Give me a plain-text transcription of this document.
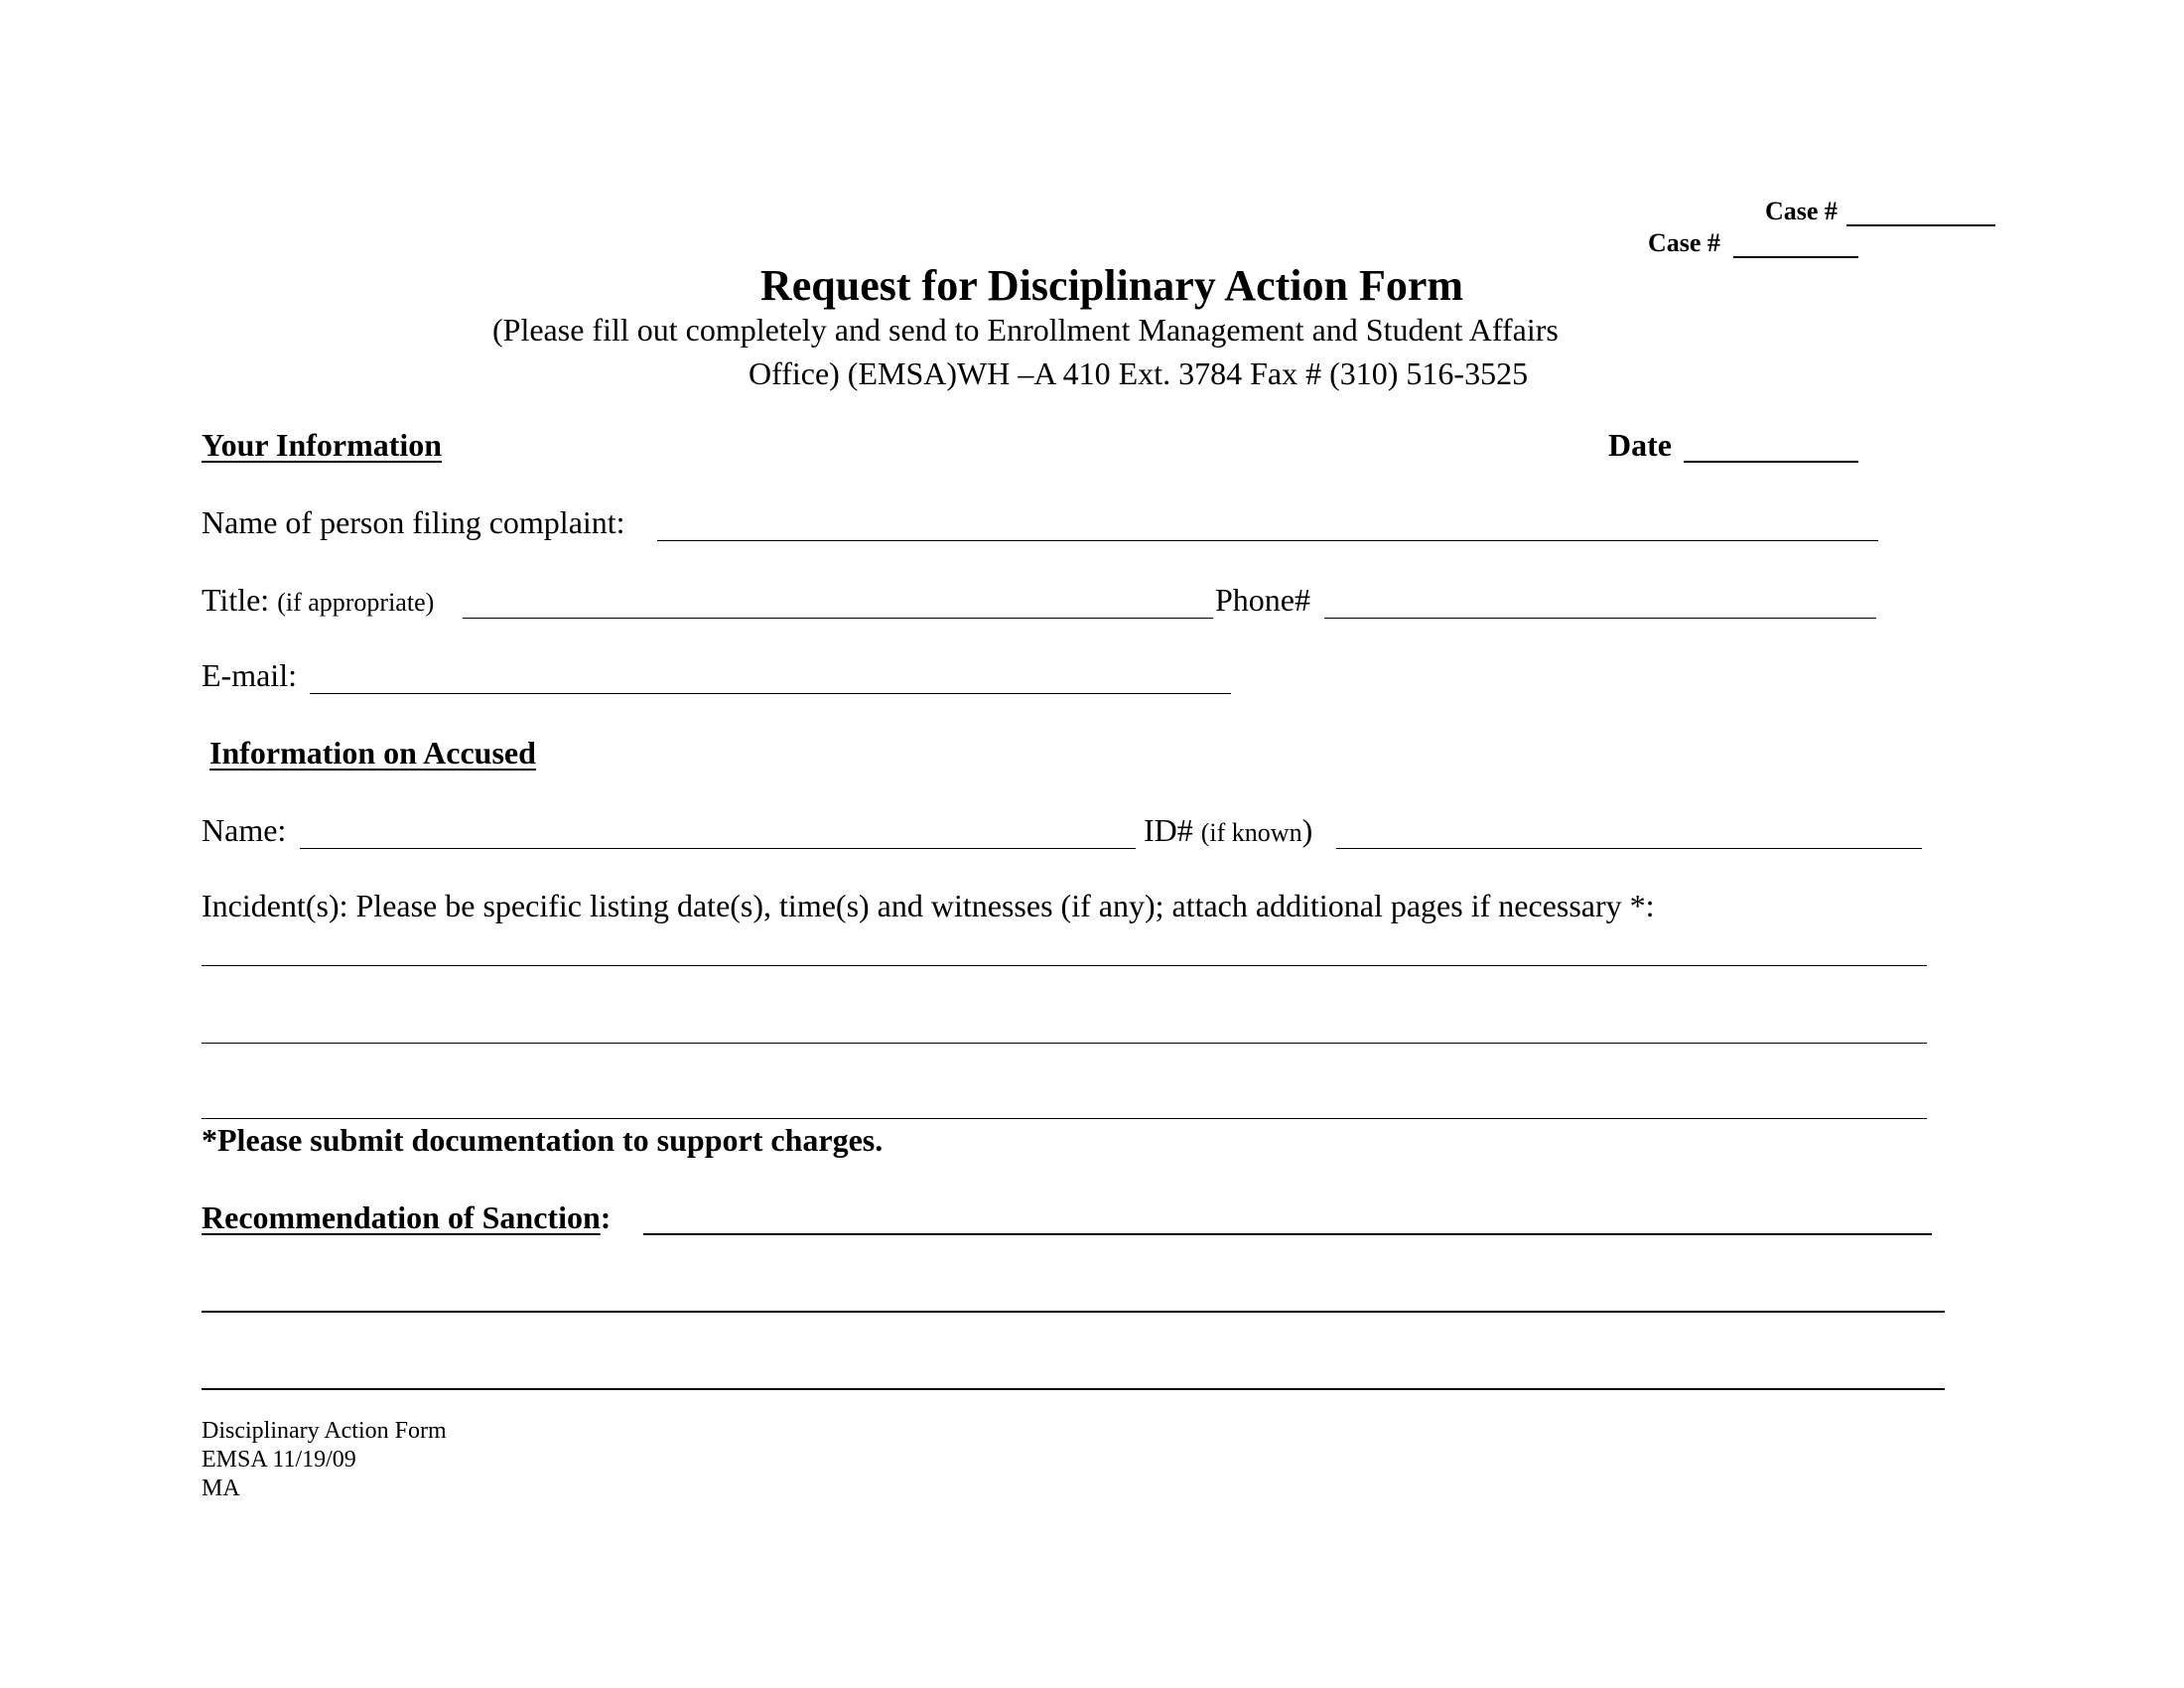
Case #
Case #
Request for Disciplinary Action Form
(Please fill out completely and send to Enrollment Management and Student Affairs
Office) (EMSA)WH –A 410 Ext. 3784 Fax # (310) 516-3525
Your Information	Date
Name of person filing complaint:
Title: (if appropriate)	Phone#
E-mail:
Information on Accused
Name:	ID# (if known)
Incident(s): Please be specific listing date(s), time(s) and witnesses (if any); attach additional pages if necessary *:
*Please submit documentation to support charges.
Recommendation of Sanction:
Disciplinary Action Form
EMSA 11/19/09
MA
